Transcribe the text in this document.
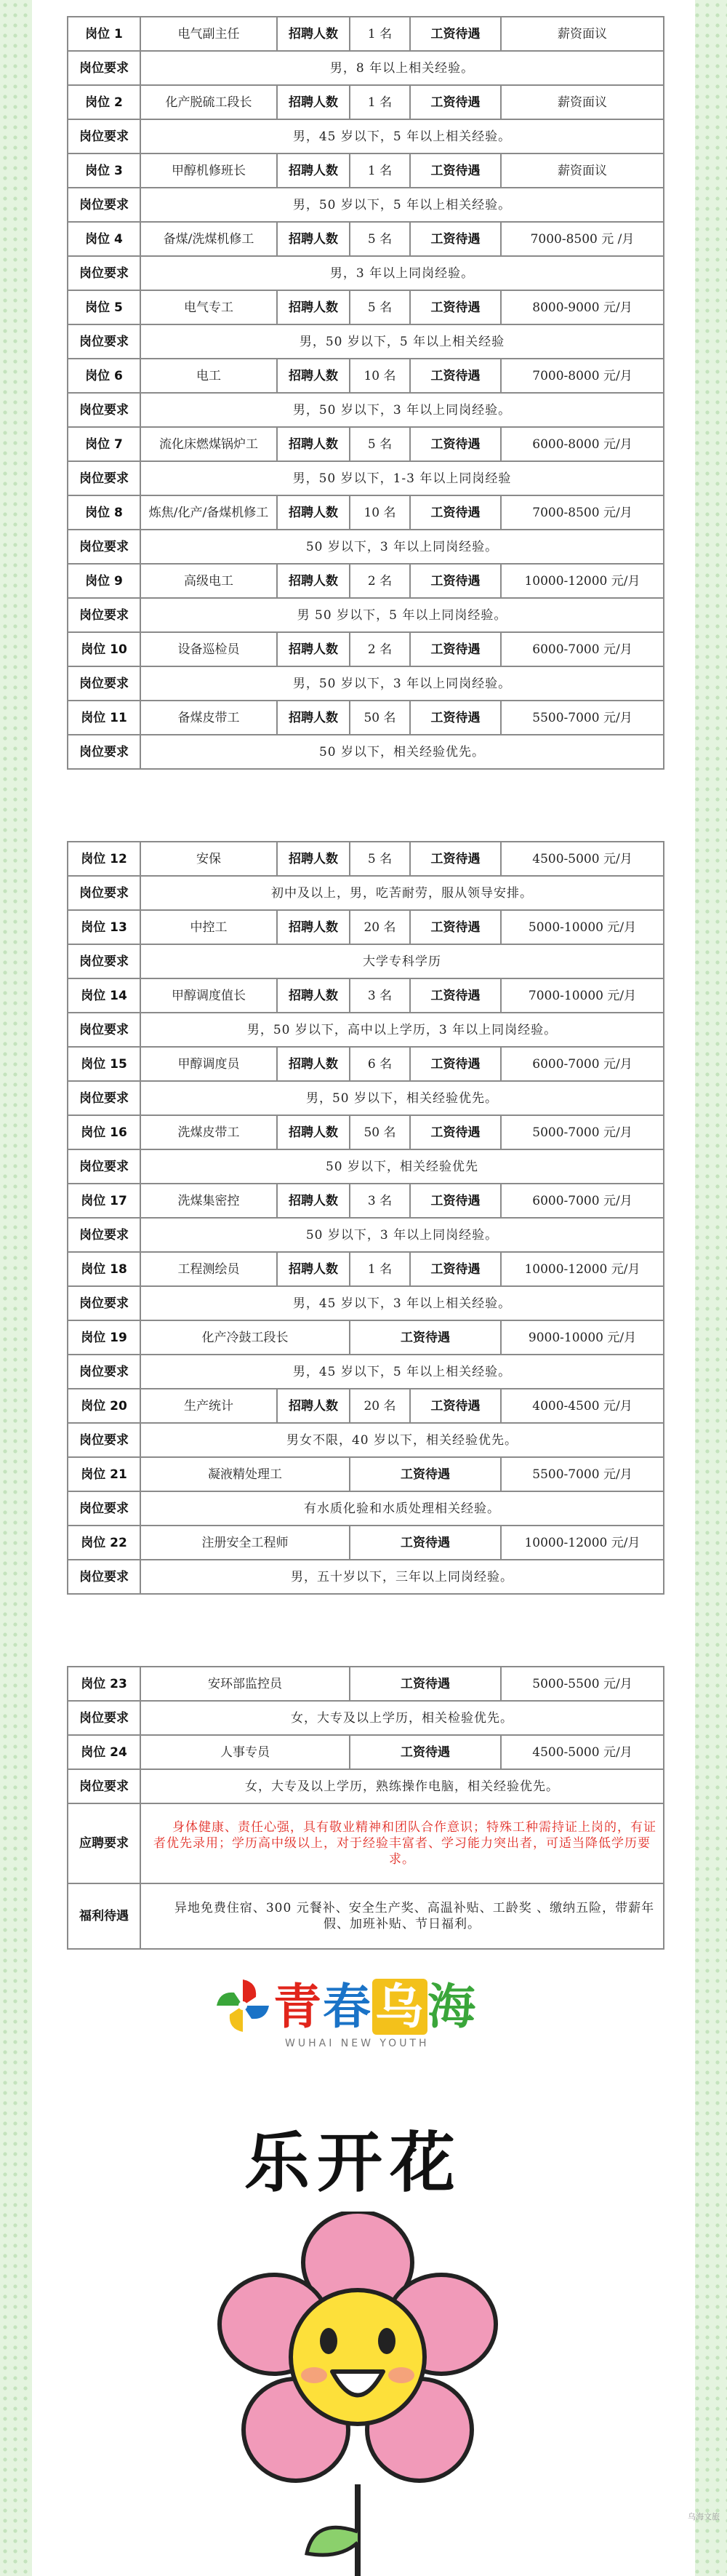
岗位 1	电气副主任	招聘人数	1 名	工资待遇	薪资面议
岗位要求	男，8 年以上相关经验。				
岗位 2	化产脱硫工段长	招聘人数	1 名	工资待遇	薪资面议
岗位要求	男，45 岁以下，5 年以上相关经验。				
岗位 3	甲醇机修班长	招聘人数	1 名	工资待遇	薪资面议
岗位要求	男，50 岁以下，5 年以上相关经验。				
岗位 4	备煤/洗煤机修工	招聘人数	5 名	工资待遇	7000-8500 元 /月
岗位要求	男，3 年以上同岗经验。				
岗位 5	电气专工	招聘人数	5 名	工资待遇	8000-9000 元/月
岗位要求	男，50 岁以下，5 年以上相关经验				
岗位 6	电工	招聘人数	10 名	工资待遇	7000-8000 元/月
岗位要求	男，50 岁以下，3 年以上同岗经验。				
岗位 7	流化床燃煤锅炉工	招聘人数	5 名	工资待遇	6000-8000 元/月
岗位要求	男，50 岁以下，1-3 年以上同岗经验				
岗位 8	炼焦/化产/备煤机修工	招聘人数	10 名	工资待遇	7000-8500 元/月
岗位要求	50 岁以下，3 年以上同岗经验。				
岗位 9	高级电工	招聘人数	2 名	工资待遇	10000-12000 元/月
岗位要求	男 50 岁以下，5 年以上同岗经验。				
岗位 10	设备巡检员	招聘人数	2 名	工资待遇	6000-7000 元/月
岗位要求	男，50 岁以下，3 年以上同岗经验。				
岗位 11	备煤皮带工	招聘人数	50 名	工资待遇	5500-7000 元/月
岗位要求	50 岁以下，相关经验优先。				
岗位 12	安保	招聘人数	5 名	工资待遇	4500-5000 元/月
岗位要求	初中及以上，男，吃苦耐劳，服从领导安排。				
岗位 13	中控工	招聘人数	20 名	工资待遇	5000-10000 元/月
岗位要求	大学专科学历				
岗位 14	甲醇调度值长	招聘人数	3 名	工资待遇	7000-10000 元/月
岗位要求	男，50 岁以下，高中以上学历，3 年以上同岗经验。				
岗位 15	甲醇调度员	招聘人数	6 名	工资待遇	6000-7000 元/月
岗位要求	男，50 岁以下，相关经验优先。				
岗位 16	洗煤皮带工	招聘人数	50 名	工资待遇	5000-7000 元/月
岗位要求	50 岁以下，相关经验优先				
岗位 17	洗煤集密控	招聘人数	3 名	工资待遇	6000-7000 元/月
岗位要求	50 岁以下，3 年以上同岗经验。				
岗位 18	工程测绘员	招聘人数	1 名	工资待遇	10000-12000 元/月
岗位要求	男，45 岁以下，3 年以上相关经验。				
岗位 19	化产冷鼓工段长		工资待遇		9000-10000 元/月
岗位要求	男，45 岁以下，5 年以上相关经验。				
岗位 20	生产统计	招聘人数	20 名	工资待遇	4000-4500 元/月
岗位要求	男女不限，40 岁以下，相关经验优先。				
岗位 21	凝液精处理工		工资待遇		5500-7000 元/月
岗位要求	有水质化验和水质处理相关经验。				
岗位 22	注册安全工程师		工资待遇		10000-12000 元/月
岗位要求	男，五十岁以下，三年以上同岗经验。				
岗位 23	安环部监控员	工资待遇	5000-5500 元/月
岗位要求	女，大专及以上学历，相关检验优先。		
岗位 24	人事专员	工资待遇	4500-5000 元/月
岗位要求	女，大专及以上学历，熟练操作电脑，相关经验优先。		
应聘要求	身体健康、责任心强，具有敬业精神和团队合作意识；特殊工种需持证上岗的，有证者优先录用；学历高中级以上，对于经验丰富者、学习能力突出者，可适当降低学历要求。		
福利待遇	异地免费住宿、300 元餐补、安全生产奖、高温补贴、工龄奖 、缴纳五险，带薪年假、加班补贴、节日福利。		
青春乌海
WUHAI NEW YOUTH
乐开花
乌海文旅
